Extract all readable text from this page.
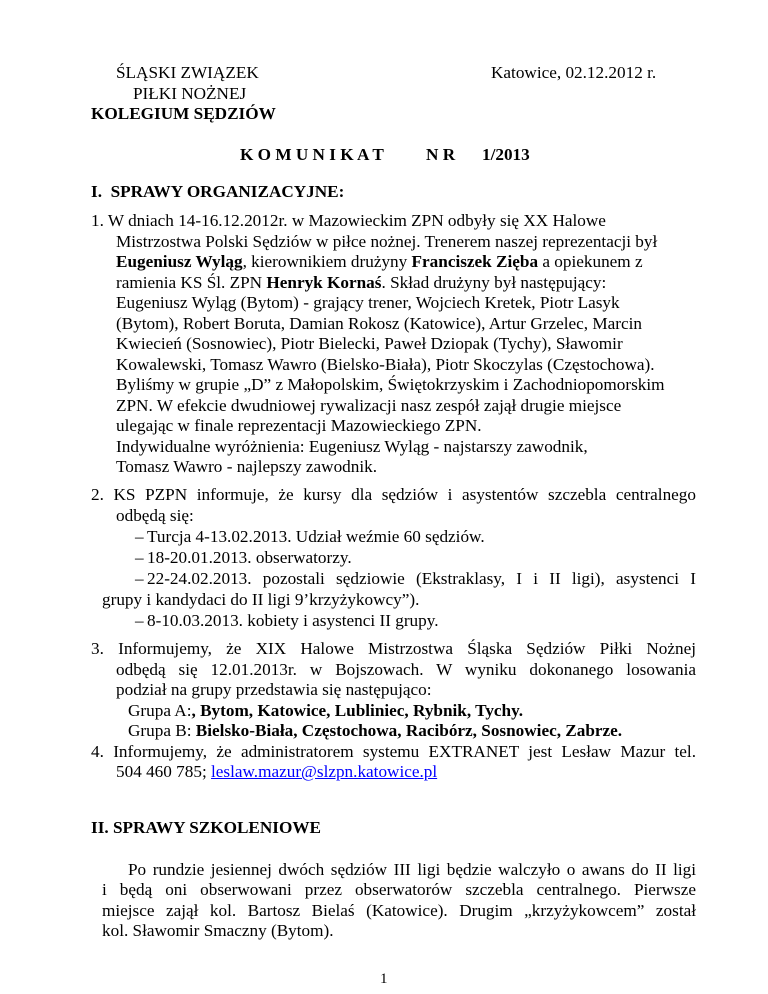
ŚLĄSKI ZWIĄZEK
PIŁKI NOŻNEJ
KOLEGIUM SĘDZIÓW
Katowice, 02.12.2012 r.
K O M U N I K A T N R 1/2013
I.  SPRAWY ORGANIZACYJNE:
1. W dniach 14-16.12.2012r. w Mazowieckim ZPN odbyły się XX Halowe
Mistrzostwa Polski Sędziów w piłce nożnej. Trenerem naszej reprezentacji był
Eugeniusz Wyląg, kierownikiem drużyny Franciszek Zięba a opiekunem z
ramienia KS Śl. ZPN Henryk Kornaś. Skład drużyny był następujący:
Eugeniusz Wyląg (Bytom) - grający trener, Wojciech Kretek, Piotr Lasyk
(Bytom), Robert Boruta, Damian Rokosz (Katowice), Artur Grzelec, Marcin
Kwiecień (Sosnowiec), Piotr Bielecki, Paweł Dziopak (Tychy), Sławomir
Kowalewski, Tomasz Wawro (Bielsko-Biała), Piotr Skoczylas (Częstochowa).
Byliśmy w grupie „D” z Małopolskim, Świętokrzyskim i Zachodniopomorskim
ZPN. W efekcie dwudniowej rywalizacji nasz zespół zajął drugie miejsce
ulegając w finale reprezentacji Mazowieckiego ZPN.
Indywidualne wyróżnienia: Eugeniusz Wyląg - najstarszy zawodnik,
Tomasz Wawro - najlepszy zawodnik.
2. KS PZPN informuje, że kursy dla sędziów i asystentów szczebla centralnego
odbędą się:
– Turcja 4-13.02.2013. Udział weźmie 60 sędziów.
– 18-20.01.2013. obserwatorzy.
– 22-24.02.2013. pozostali sędziowie (Ekstraklasy, I i II ligi), asystenci I
grupy i kandydaci do II ligi 9’krzyżykowcy”).
– 8-10.03.2013. kobiety i asystenci II grupy.
3. Informujemy, że XIX Halowe Mistrzostwa Śląska Sędziów Piłki Nożnej
odbędą się 12.01.2013r. w Bojszowach. W wyniku dokonanego losowania
podział na grupy przedstawia się następująco:
Grupa A:, Bytom, Katowice, Lubliniec, Rybnik, Tychy.
Grupa B: Bielsko-Biała, Częstochowa, Racibórz, Sosnowiec, Zabrze.
4. Informujemy, że administratorem systemu EXTRANET jest Lesław Mazur tel.
504 460 785; leslaw.mazur@slzpn.katowice.pl
II. SPRAWY SZKOLENIOWE
Po rundzie jesiennej dwóch sędziów III ligi będzie walczyło o awans do II ligi
i będą oni obserwowani przez obserwatorów szczebla centralnego. Pierwsze
miejsce zajął kol. Bartosz Bielaś (Katowice). Drugim „krzyżykowcem” został
kol. Sławomir Smaczny (Bytom).
1
